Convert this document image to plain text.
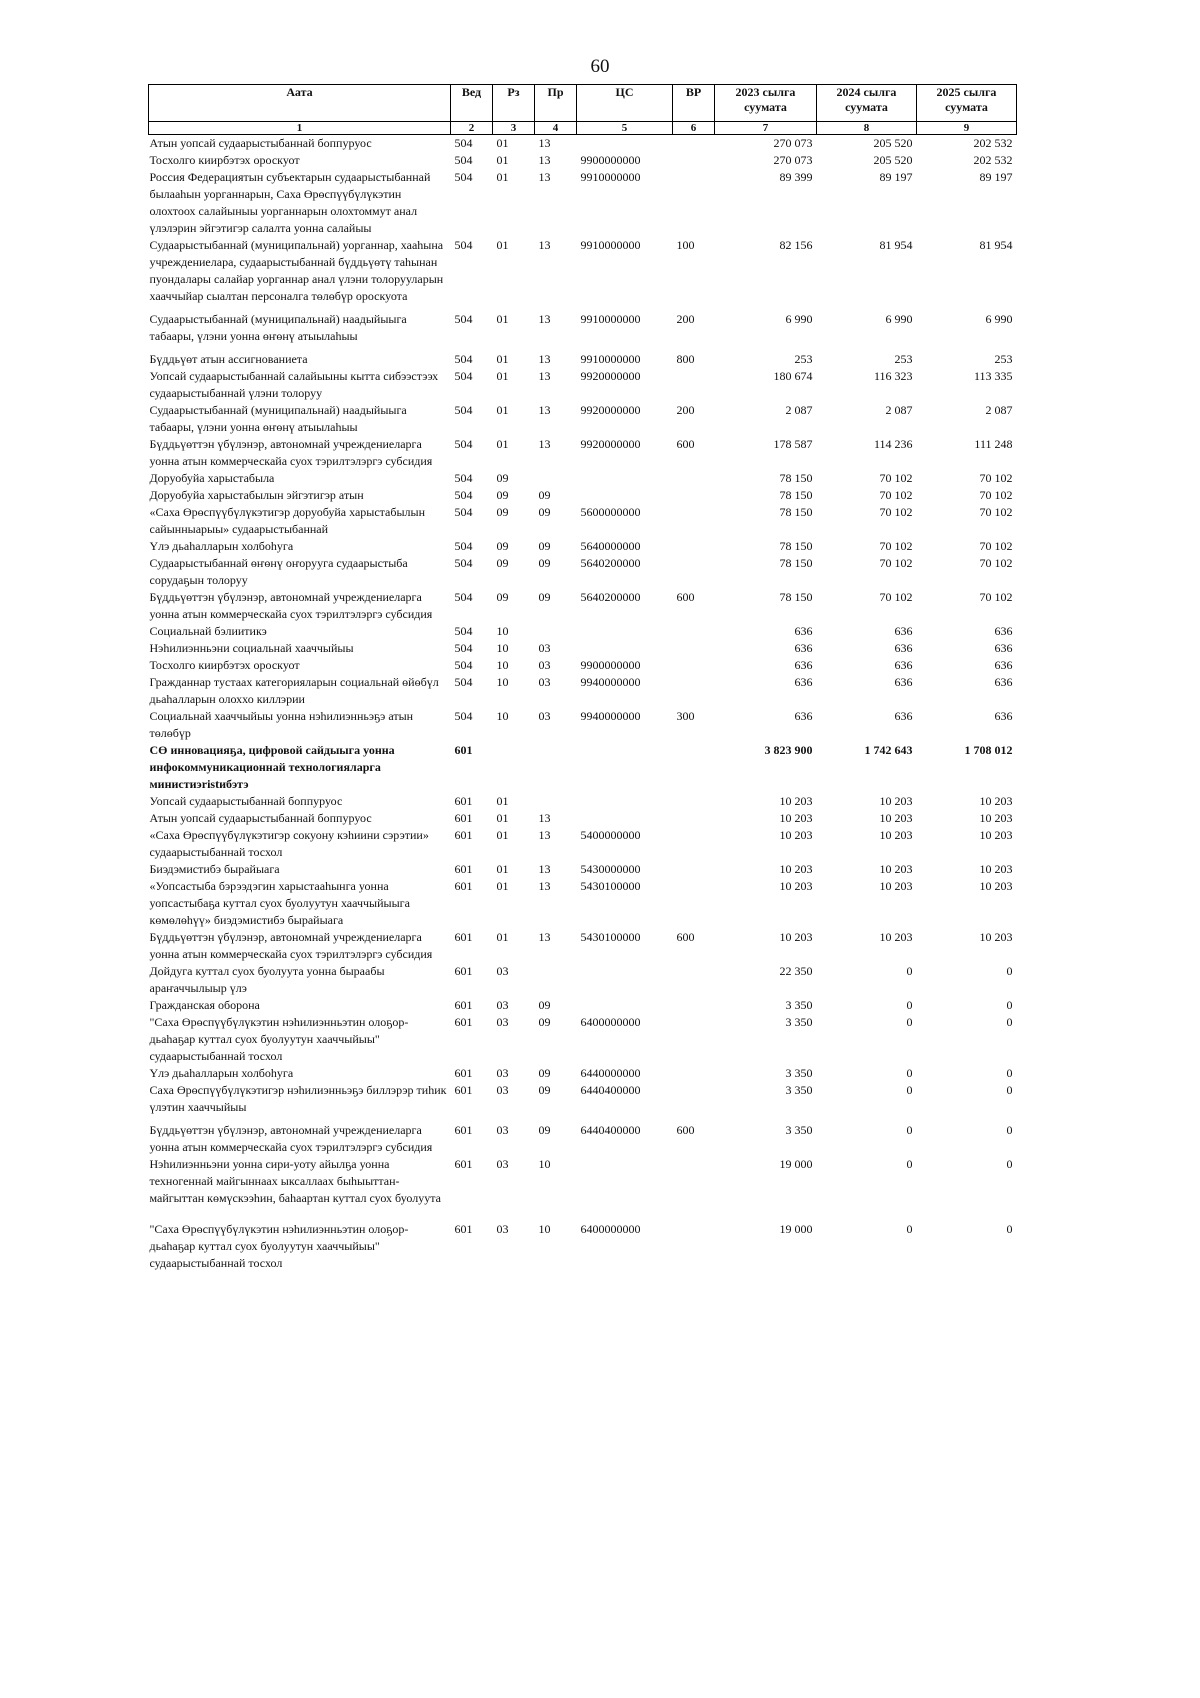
60
Аата	Вед	Рз	Пр	ЦС	ВР	2023 сылга суумата	2024 сылга суумата	2025 сылга суумата
1	2	3	4	5	6	7	8	9
Атын уопсай судаарыстыбаннай боппуруос	504	01	13			270 073	205 520	202 532
Тосхолго киирбэтэх ороскуот	504	01	13	9900000000		270 073	205 520	202 532
Россия Федерациятын субъектарын судаарыстыбаннай былааһын уорганнарын, Саха Өрөспүүбүлүкэтин олохтоох салайыныы уорганнарын олохтоммут анал үлэлэрин эйгэтигэр салалта уонна салайыы	504	01	13	9910000000		89 399	89 197	89 197
Судаарыстыбаннай (муниципальнай) уорганнар, хааһына учреждениелара, судаарыстыбаннай бүддьүөтү таһынан пуондалары салайар уорганнар анал үлэни толорууларын хааччыйар сыалтан персоналга төлөбүр ороскуота	504	01	13	9910000000	100	82 156	81 954	81 954
Судаарыстыбаннай (муниципальнай) наадыйыыга табаары, үлэни уонна өҥөнү атыылаһыы	504	01	13	9910000000	200	6 990	6 990	6 990
Бүддьүөт атын ассигнованиета	504	01	13	9910000000	800	253	253	253
Уопсай судаарыстыбаннай салайыыны кытта сибээстээх судаарыстыбаннай үлэни толоруу	504	01	13	9920000000		180 674	116 323	113 335
Судаарыстыбаннай (муниципальнай) наадыйыыга табаары, үлэни уонна өҥөнү атыылаһыы	504	01	13	9920000000	200	2 087	2 087	2 087
Бүддьүөттэн үбүлэнэр, автономнай учреждениеларга уонна атын коммерческайа суох тэрилтэлэргэ субсидия	504	01	13	9920000000	600	178 587	114 236	111 248
Доруобуйа харыстабыла	504	09				78 150	70 102	70 102
Доруобуйа харыстабылын эйгэтигэр атын	504	09	09			78 150	70 102	70 102
«Саха Өрөспүүбүлүкэтигэр доруобуйа харыстабылын сайынныарыы» судаарыстыбаннай	504	09	09	5600000000		78 150	70 102	70 102
Үлэ дьаһалларын холбоһуга	504	09	09	5640000000		78 150	70 102	70 102
Судаарыстыбаннай өҥөнү оҥорууга судаарыстыба сорудаҕын толоруу	504	09	09	5640200000		78 150	70 102	70 102
Бүддьүөттэн үбүлэнэр, автономнай учреждениеларга уонна атын коммерческайа суох тэрилтэлэргэ субсидия	504	09	09	5640200000	600	78 150	70 102	70 102
Социальнай бэлиитикэ	504	10				636	636	636
Нэһилиэнньэни социальнай хааччыйыы	504	10	03			636	636	636
Тосхолго киирбэтэх ороскуот	504	10	03	9900000000		636	636	636
Гражданнар тустаах категорияларын социальнай өйөбүл дьаһалларын олоххо киллэрии	504	10	03	9940000000		636	636	636
Социальнай хааччыйыы уонна нэһилиэнньэҕэ атын төлөбүр	504	10	03	9940000000	300	636	636	636
СӨ инновацияҕа, цифровой сайдыыга уонна инфокоммуникационнай технологияларга министиэristибэтэ	601					3 823 900	1 742 643	1 708 012
Уопсай судаарыстыбаннай боппуруос	601	01				10 203	10 203	10 203
Атын уопсай судаарыстыбаннай боппуруос	601	01	13			10 203	10 203	10 203
«Саха Өрөспүүбүлүкэтигэр сокуону кэһиини сэрэтии» судаарыстыбаннай тосхол	601	01	13	5400000000		10 203	10 203	10 203
Биэдэмистибэ бырайыага	601	01	13	5430000000		10 203	10 203	10 203
«Уопсастыба бэрээдэгин харыстааһынга уонна уопсастыбаҕа куттал суох буолуутун хааччыйыыга көмөлөһүү» биэдэмистибэ бырайыага	601	01	13	5430100000		10 203	10 203	10 203
Бүддьүөттэн үбүлэнэр, автономнай учреждениеларга уонна атын коммерческайа суох тэрилтэлэргэ субсидия	601	01	13	5430100000	600	10 203	10 203	10 203
Дойдуга куттал суох буолуута уонна быраабы араҥаччылыыр үлэ	601	03				22 350	0	0
Гражданская оборона	601	03	09			3 350	0	0
"Саха Өрөспүүбүлүкэтин нэһилиэнньэтин олоҕор-дьаһаҕар куттал суох буолуутун хааччыйыы" судаарыстыбаннай тосхол	601	03	09	6400000000		3 350	0	0
Үлэ дьаһалларын холбоһуга	601	03	09	6440000000		3 350	0	0
Саха Өрөспүүбүлүкэтигэр нэһилиэнньэҕэ биллэрэр тиһик үлэтин хааччыйыы	601	03	09	6440400000		3 350	0	0
Бүддьүөттэн үбүлэнэр, автономнай учреждениеларга уонна атын коммерческайа суох тэрилтэлэргэ субсидия	601	03	09	6440400000	600	3 350	0	0
Нэһилиэнньэни уонна сири-уоту айылҕа уонна техногеннай майгыннаах ыксаллаах быһыыттан-майгыттан көмүскээһин, баһаартан куттал суох буолуута	601	03	10			19 000	0	0
"Саха Өрөспүүбүлүкэтин нэһилиэнньэтин олоҕор-дьаһаҕар куттал суох буолуутун хааччыйыы" судаарыстыбаннай тосхол	601	03	10	6400000000		19 000	0	0
